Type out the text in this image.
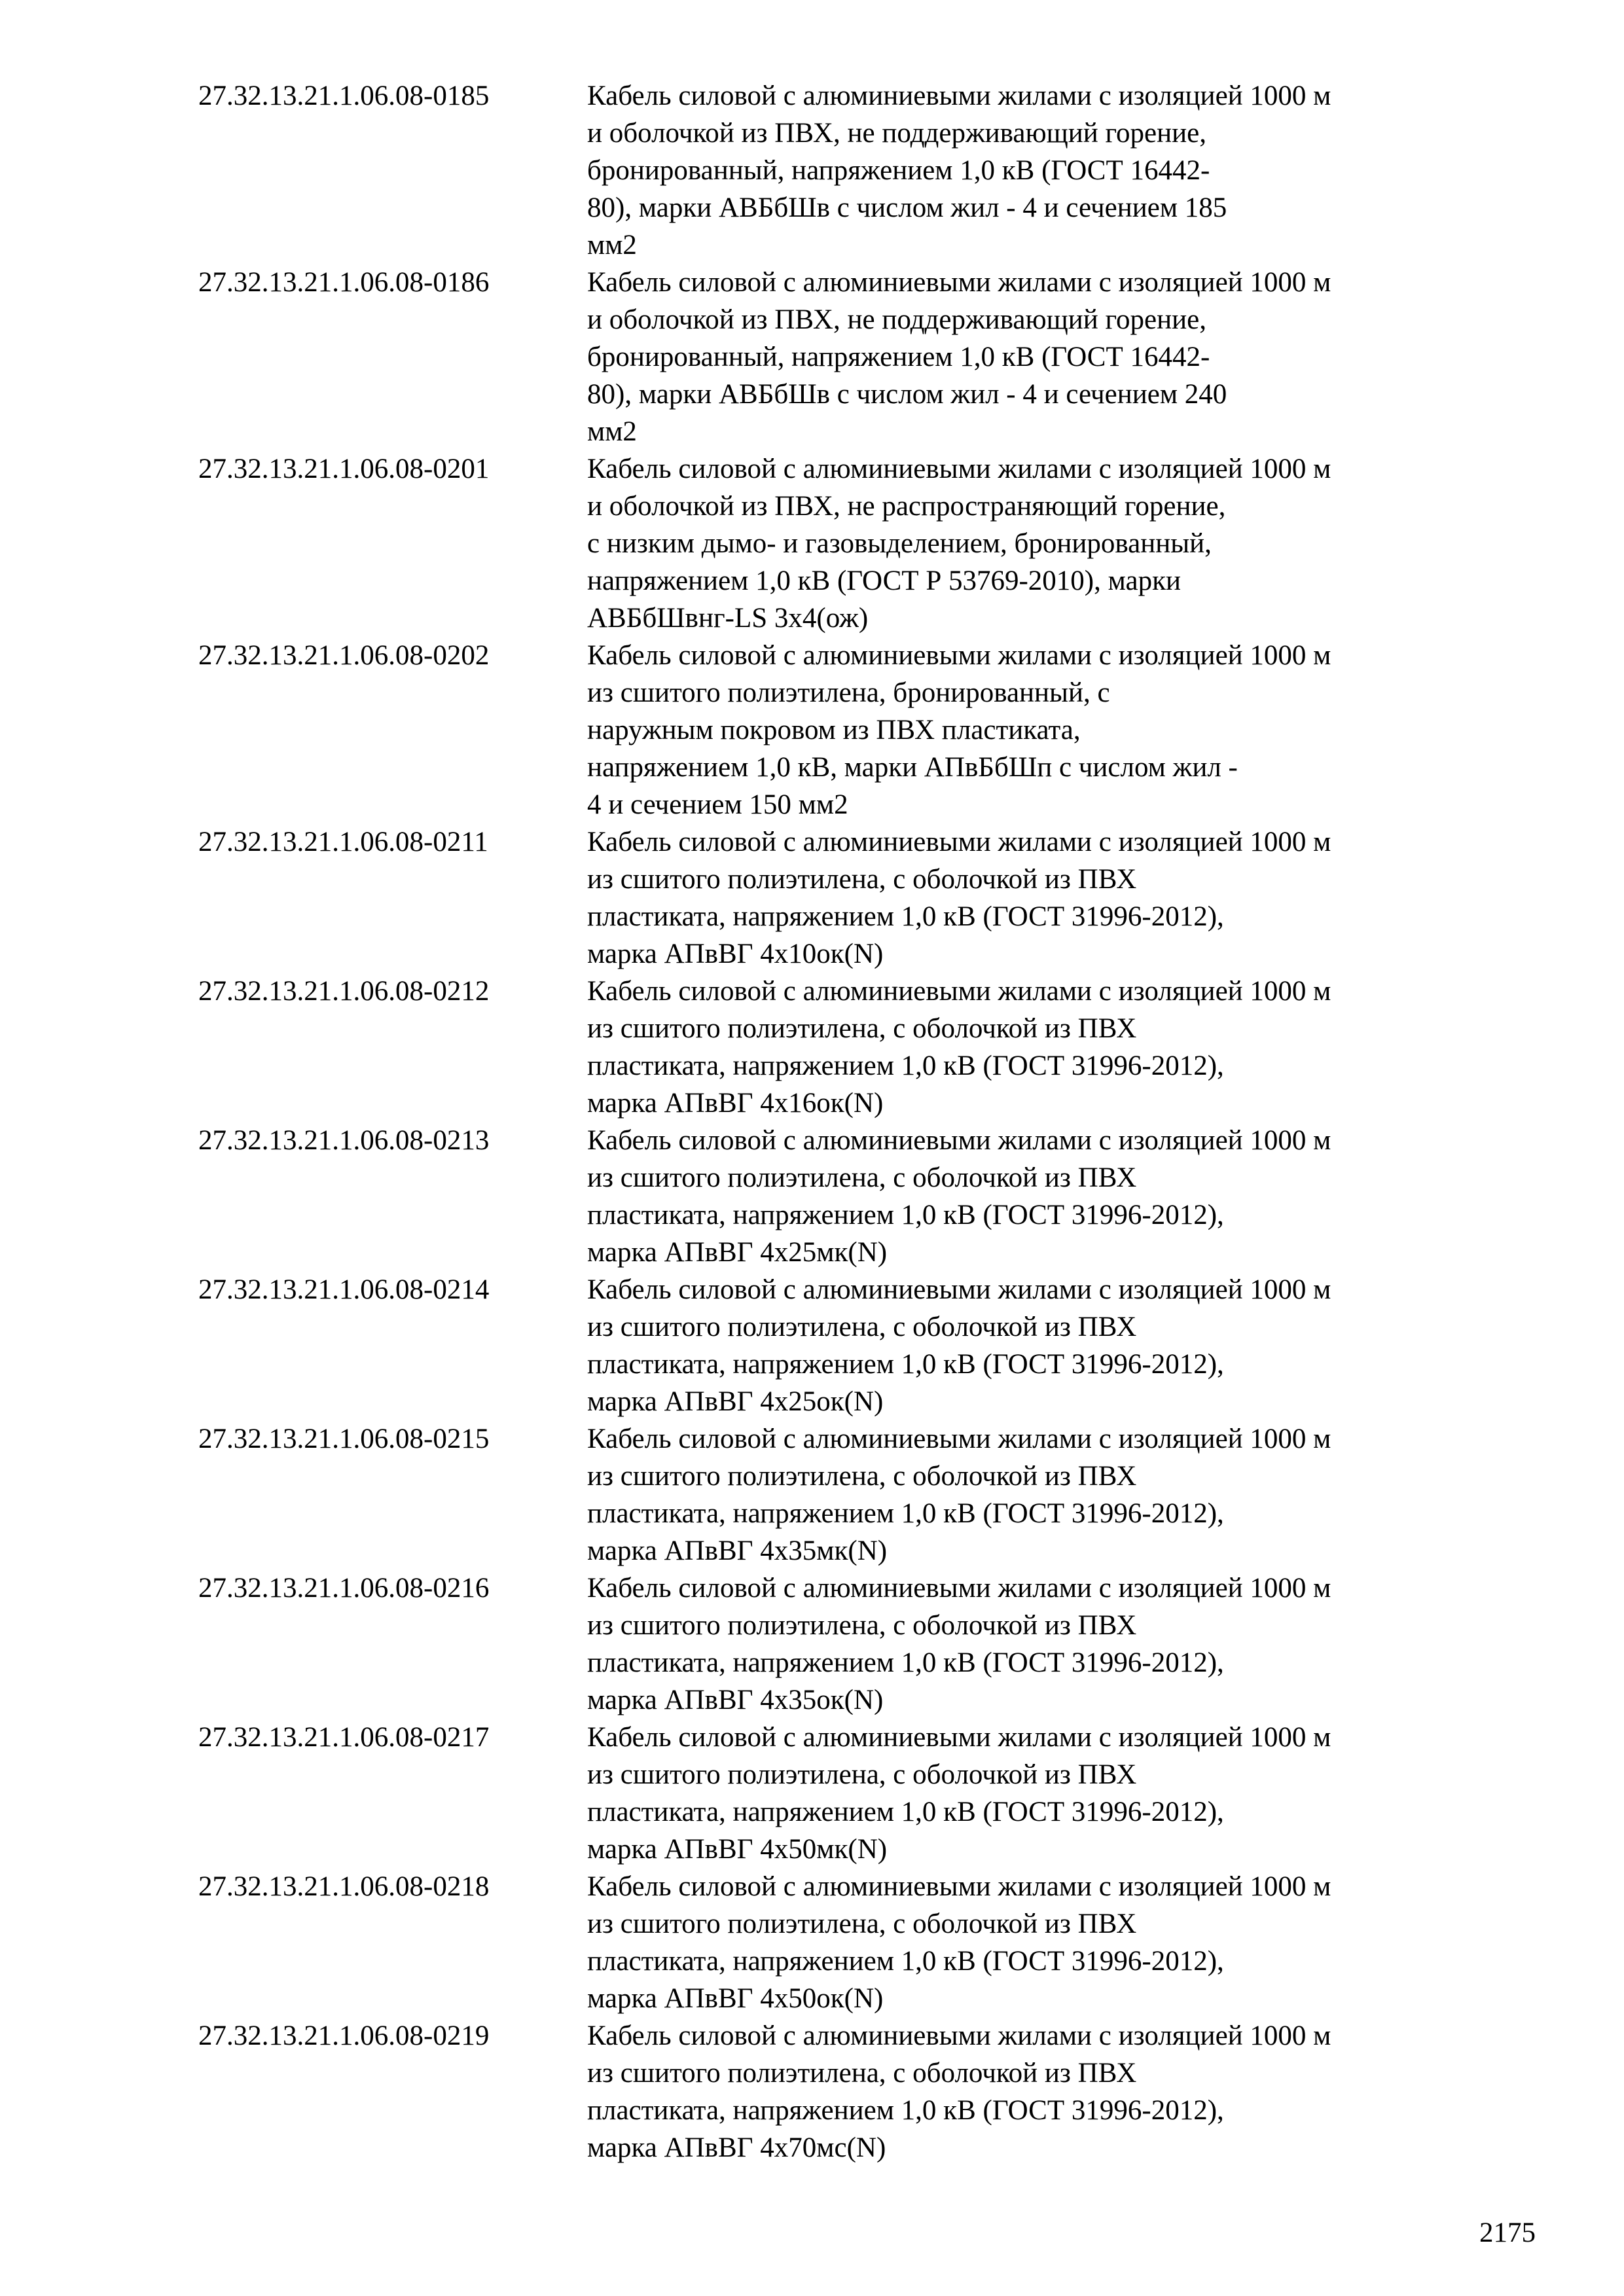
27.32.13.21.1.06.08-0185	Кабель силовой с алюминиевыми жилами с изоляцией 1000 м
и оболочкой из ПВХ, не поддерживающий горение,
бронированный, напряжением 1,0 кВ (ГОСТ 16442-
80), марки АВБбШв с числом жил - 4 и сечением 185
мм2
27.32.13.21.1.06.08-0186	Кабель силовой с алюминиевыми жилами с изоляцией 1000 м
и оболочкой из ПВХ, не поддерживающий горение,
бронированный, напряжением 1,0 кВ (ГОСТ 16442-
80), марки АВБбШв с числом жил - 4 и сечением 240
мм2
27.32.13.21.1.06.08-0201	Кабель силовой с алюминиевыми жилами с изоляцией 1000 м
и оболочкой из ПВХ, не распространяющий горение,
с низким дымо- и газовыделением, бронированный,
напряжением 1,0 кВ (ГОСТ Р 53769-2010), марки
АВБбШвнг-LS 3х4(ож)
27.32.13.21.1.06.08-0202	Кабель силовой с алюминиевыми жилами с изоляцией 1000 м
из сшитого полиэтилена, бронированный, с
наружным покровом из ПВХ пластиката,
напряжением 1,0 кВ, марки АПвБбШп с числом жил -
4 и сечением 150 мм2
27.32.13.21.1.06.08-0211	Кабель силовой с алюминиевыми жилами с изоляцией 1000 м
из сшитого полиэтилена, с оболочкой из ПВХ
пластиката, напряжением 1,0 кВ (ГОСТ 31996-2012),
марка АПвВГ 4х10ок(N)
27.32.13.21.1.06.08-0212	Кабель силовой с алюминиевыми жилами с изоляцией 1000 м
из сшитого полиэтилена, с оболочкой из ПВХ
пластиката, напряжением 1,0 кВ (ГОСТ 31996-2012),
марка АПвВГ 4х16ок(N)
27.32.13.21.1.06.08-0213	Кабель силовой с алюминиевыми жилами с изоляцией 1000 м
из сшитого полиэтилена, с оболочкой из ПВХ
пластиката, напряжением 1,0 кВ (ГОСТ 31996-2012),
марка АПвВГ 4х25мк(N)
27.32.13.21.1.06.08-0214	Кабель силовой с алюминиевыми жилами с изоляцией 1000 м
из сшитого полиэтилена, с оболочкой из ПВХ
пластиката, напряжением 1,0 кВ (ГОСТ 31996-2012),
марка АПвВГ 4х25ок(N)
27.32.13.21.1.06.08-0215	Кабель силовой с алюминиевыми жилами с изоляцией 1000 м
из сшитого полиэтилена, с оболочкой из ПВХ
пластиката, напряжением 1,0 кВ (ГОСТ 31996-2012),
марка АПвВГ 4х35мк(N)
27.32.13.21.1.06.08-0216	Кабель силовой с алюминиевыми жилами с изоляцией 1000 м
из сшитого полиэтилена, с оболочкой из ПВХ
пластиката, напряжением 1,0 кВ (ГОСТ 31996-2012),
марка АПвВГ 4х35ок(N)
27.32.13.21.1.06.08-0217	Кабель силовой с алюминиевыми жилами с изоляцией 1000 м
из сшитого полиэтилена, с оболочкой из ПВХ
пластиката, напряжением 1,0 кВ (ГОСТ 31996-2012),
марка АПвВГ 4х50мк(N)
27.32.13.21.1.06.08-0218	Кабель силовой с алюминиевыми жилами с изоляцией 1000 м
из сшитого полиэтилена, с оболочкой из ПВХ
пластиката, напряжением 1,0 кВ (ГОСТ 31996-2012),
марка АПвВГ 4х50ок(N)
27.32.13.21.1.06.08-0219	Кабель силовой с алюминиевыми жилами с изоляцией 1000 м
из сшитого полиэтилена, с оболочкой из ПВХ
пластиката, напряжением 1,0 кВ (ГОСТ 31996-2012),
марка АПвВГ 4х70мс(N)
2175
